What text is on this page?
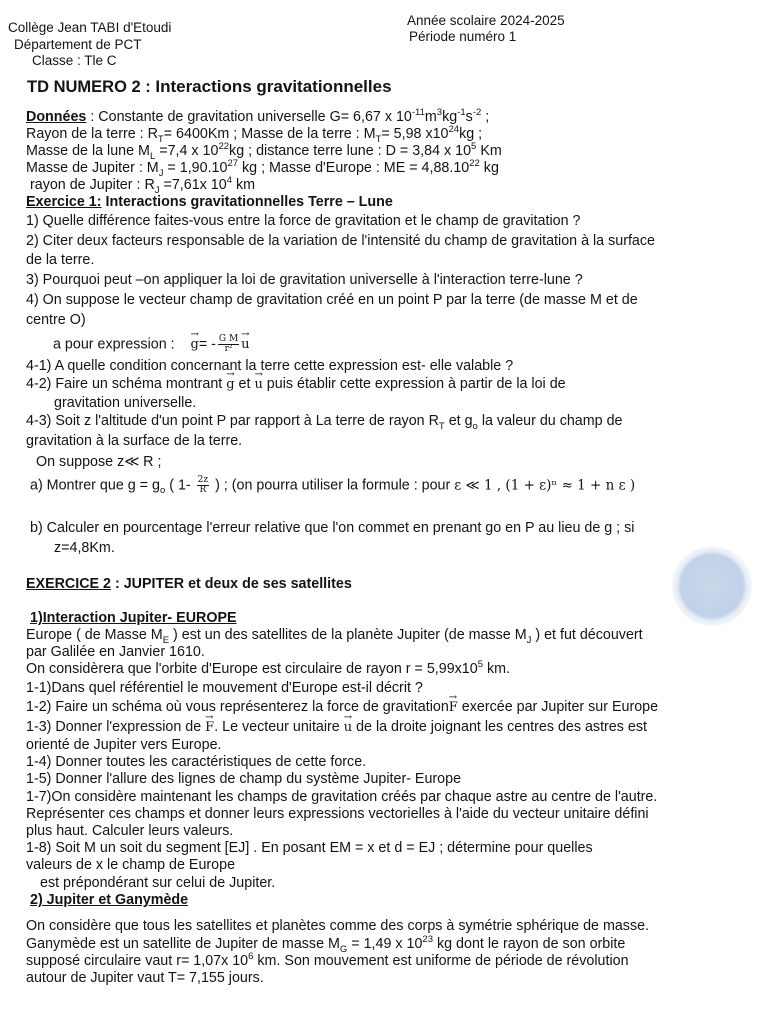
Collège Jean TABI d'Etoudi
Département de PCT
Classe : Tle C
Année scolaire 2024-2025
Période numéro 1
TD NUMERO 2 : Interactions gravitationnelles
Données : Constante de gravitation universelle G= 6,67 x $10^{-11}m^3kg^{-1}s^{-2}$ ;
Rayon de la terre : $R_T= 6400Km$ ; Masse de la terre : $M_T= 5,98$ $x10^{24}kg$ ;
Masse de la lune $M_L =7,4$ x $10^{22}kg$ ; distance terre lune : D = 3,84 x $10^5$ Km
Masse de Jupiter : $M_J = 1,90.10^{27}$ kg ; Masse d'Europe : ME = $4,88.10^{22}$ kg
rayon de Jupiter : $R_J =7,61x$ $10^4$ km
Exercice 1: Interactions gravitationnelles Terre – Lune
1) Quelle différence faites-vous entre la force de gravitation et le champ de gravitation ?
2) Citer deux facteurs responsable de la variation de l'intensité du champ de gravitation à la surface
de la terre.
3) Pourquoi peut –on appliquer la loi de gravitation universelle à l'interaction terre-lune ?
4) On suppose le vecteur champ de gravitation créé en un point P par la terre (de masse M et de
centre O)
a pour expression :    → $g= - \frac{\text{G M}}{\text{r²}}$
→ u
4-1) A quelle condition concernant la terre cette expression est- elle valable ?
4-2) Faire un schéma montrant → g et → u puis établir cette expression à partir de la loi de
gravitation universelle.
4-3) Soit z l'altitude d'un point P par rapport à La terre de rayon $R_T$ et $g_o$ la valeur du champ de
gravitation à la surface de la terre.
On suppose z≪ R ;
a) Montrer que $g = g_o$ ( $1- \frac{2z}{R}$ ) ; (on pourra utiliser la formule : pour ε ≪ 1 , (1 + ε)ⁿ ≈ 1 + n ε )
b) Calculer en pourcentage l'erreur relative que l'on commet en prenant go en P au lieu de g ; si
z=4,8Km.
EXERCICE 2 : JUPITER et deux de ses satellites
1)Interaction Jupiter- EUROPE
Europe ( de Masse $M_E$ ) est un des satellites de la planète Jupiter (de masse $M_J$ ) et fut découvert
par Galilée en Janvier 1610.
On considèrera que l'orbite d'Europe est circulaire de rayon $r = 5,99x10^5$ km.
1-1)Dans quel référentiel le mouvement d'Europe est-il décrit ?
1-2) Faire un schéma où vous représenterez la force de gravitation→ F exercée par Jupiter sur Europe
1-3) Donner l'expression de → F. Le vecteur unitaire → u de la droite joignant les centres des astres est
orienté de Jupiter vers Europe.
1-4) Donner toutes les caractéristiques de cette force.
1-5) Donner l'allure des lignes de champ du système Jupiter- Europe
1-7)On considère maintenant les champs de gravitation créés par chaque astre au centre de l'autre.
Représenter ces champs et donner leurs expressions vectorielles à l'aide du vecteur unitaire défini
plus haut. Calculer leurs valeurs.
1-8) Soit M un soit du segment [EJ] . En posant EM = x et d = EJ ; détermine pour quelles
valeurs de x le champ de Europe
est prépondérant sur celui de Jupiter.
2) Jupiter et Ganymède
On considère que tous les satellites et planètes comme des corps à symétrie sphérique de masse.
Ganymède est un satellite de Jupiter de masse $M_G = 1,49$ x $10^{23}$ kg dont le rayon de son orbite
supposé circulaire vaut r= 1,07x $10^6$ km. Son mouvement est uniforme de période de révolution
autour de Jupiter vaut T= 7,155 jours.
